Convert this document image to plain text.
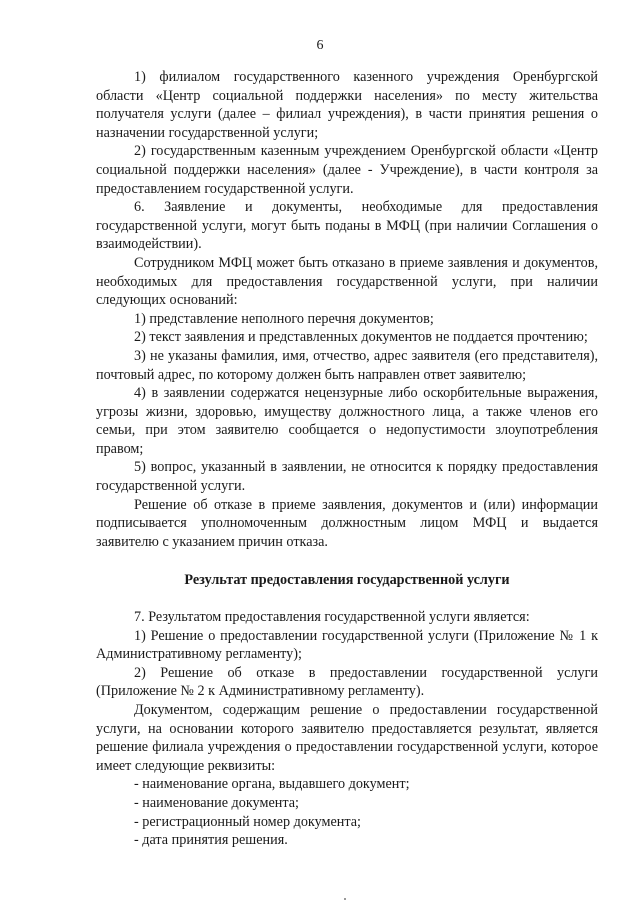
6

1) филиалом государственного казенного учреждения Оренбургской области «Центр социальной поддержки населения» по месту жительства получателя услуги (далее – филиал учреждения), в части принятия решения о назначении государственной услуги;

2) государственным казенным учреждением Оренбургской области «Центр социальной поддержки населения» (далее - Учреждение), в части контроля за предоставлением государственной услуги.

6. Заявление и документы, необходимые для предоставления государственной услуги, могут быть поданы в МФЦ (при наличии Соглашения о взаимодействии).

Сотрудником МФЦ может быть отказано в приеме заявления и документов, необходимых для предоставления государственной услуги, при наличии следующих оснований:

1) представление неполного перечня документов;

2) текст заявления и представленных документов не поддается прочтению;

3) не указаны фамилия, имя, отчество, адрес заявителя (его представителя), почтовый адрес, по которому должен быть направлен ответ заявителю;

4) в заявлении содержатся нецензурные либо оскорбительные выражения, угрозы жизни, здоровью, имуществу должностного лица, а также членов его семьи, при этом заявителю сообщается о недопустимости злоупотребления правом;

5) вопрос, указанный в заявлении, не относится к порядку предоставления государственной услуги.

Решение об отказе в приеме заявления, документов и (или) информации подписывается уполномоченным должностным лицом МФЦ и выдается заявителю с указанием причин отказа.

Результат предоставления государственной услуги

7. Результатом предоставления государственной услуги является:

1) Решение о предоставлении государственной услуги (Приложение № 1 к Административному регламенту);

2) Решение об отказе в предоставлении государственной услуги (Приложение № 2 к Административному регламенту).

Документом, содержащим решение о предоставлении государственной услуги, на основании которого заявителю предоставляется результат, является решение филиала учреждения о предоставлении государственной услуги, которое имеет следующие реквизиты:

- наименование органа, выдавшего документ;

- наименование документа;

- регистрационный номер документа;

- дата принятия решения.
